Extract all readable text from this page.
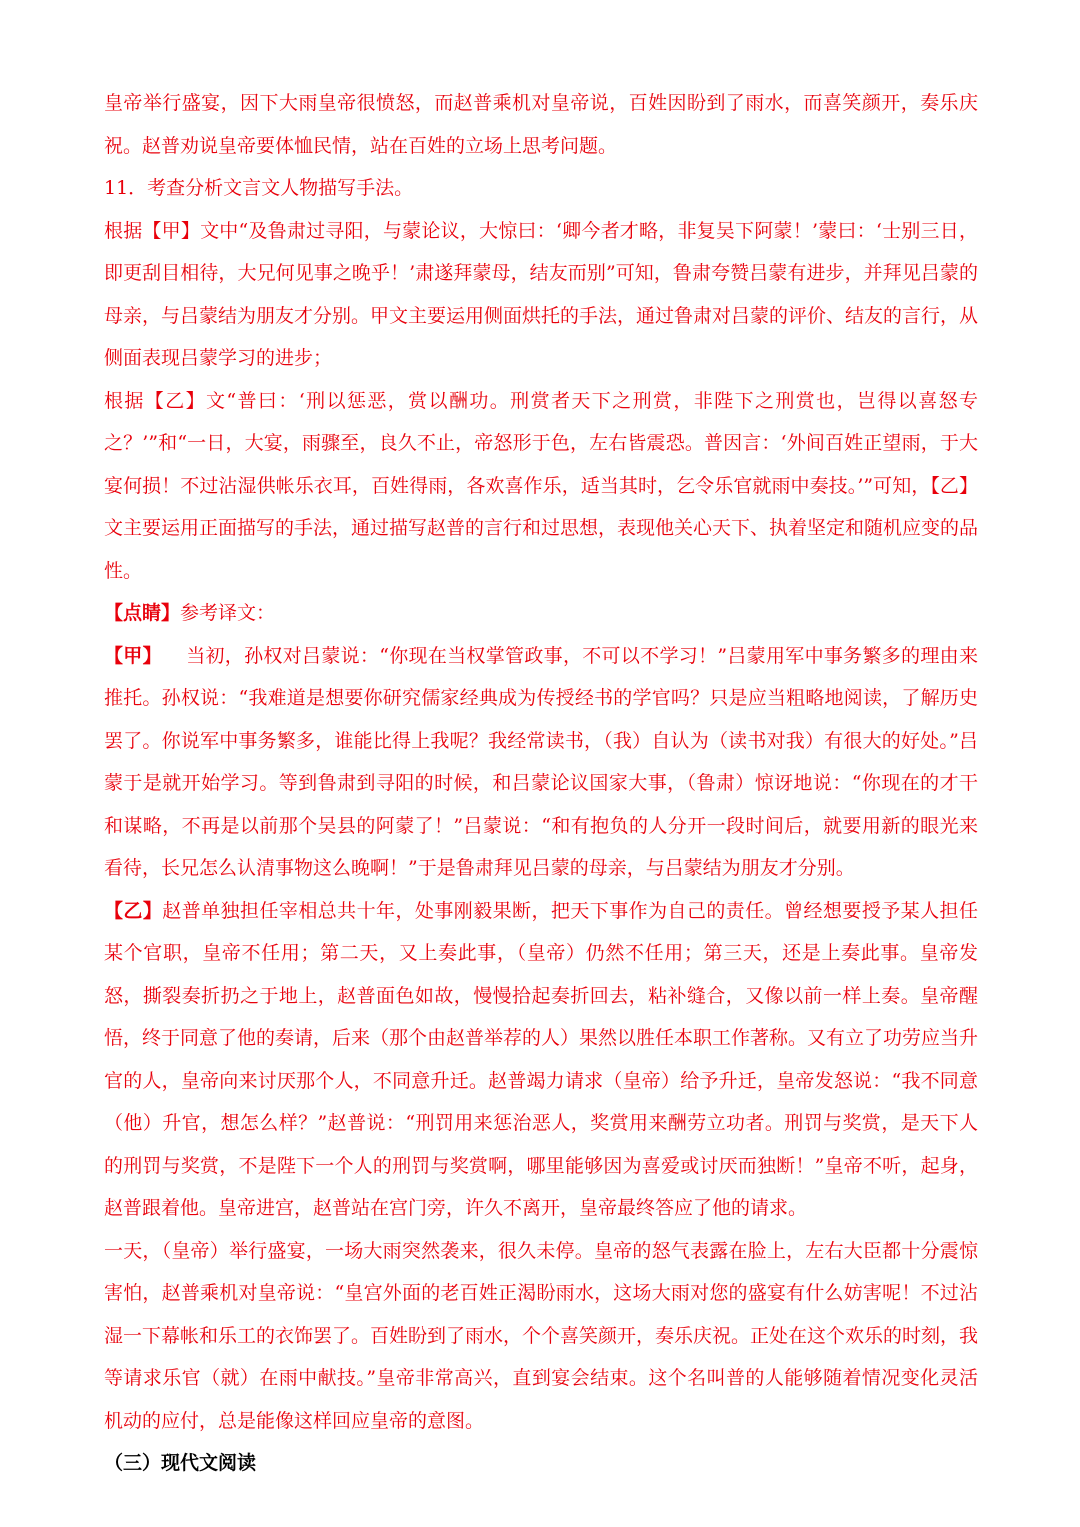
皇帝举行盛宴，因下大雨皇帝很愤怒，而赵普乘机对皇帝说，百姓因盼到了雨水，而喜笑颜开，奏乐庆祝。赵普劝说皇帝要体恤民情，站在百姓的立场上思考问题。

11．考查分析文言文人物描写手法。

根据【甲】文中“及鲁肃过寻阳，与蒙论议，大惊曰：‘卿今者才略，非复吴下阿蒙！’蒙曰：‘士别三日，即更刮目相待，大兄何见事之晚乎！’肃遂拜蒙母，结友而别”可知，鲁肃夸赞吕蒙有进步，并拜见吕蒙的母亲，与吕蒙结为朋友才分别。甲文主要运用侧面烘托的手法，通过鲁肃对吕蒙的评价、结友的言行，从侧面表现吕蒙学习的进步；

根据【乙】文“普曰：‘刑以惩恶，赏以酬功。刑赏者天下之刑赏，非陛下之刑赏也，岂得以喜怒专之？’”和“一日，大宴，雨骤至，良久不止，帝怒形于色，左右皆震恐。普因言：‘外间百姓正望雨，于大宴何损！不过沾湿供帐乐衣耳，百姓得雨，各欢喜作乐，适当其时，乞令乐官就雨中奏技。’”可知，【乙】文主要运用正面描写的手法，通过描写赵普的言行和过思想，表现他关心天下、执着坚定和随机应变的品性。

【点睛】参考译文：

【甲】 当初，孙权对吕蒙说：“你现在当权掌管政事，不可以不学习！”吕蒙用军中事务繁多的理由来推托。孙权说：“我难道是想要你研究儒家经典成为传授经书的学官吗？只是应当粗略地阅读，了解历史罢了。你说军中事务繁多，谁能比得上我呢？我经常读书，（我）自认为（读书对我）有很大的好处。”吕蒙于是就开始学习。等到鲁肃到寻阳的时候，和吕蒙论议国家大事，（鲁肃）惊讶地说：“你现在的才干和谋略，不再是以前那个吴县的阿蒙了！”吕蒙说：“和有抱负的人分开一段时间后，就要用新的眼光来看待，长兄怎么认清事物这么晚啊！”于是鲁肃拜见吕蒙的母亲，与吕蒙结为朋友才分别。

【乙】赵普单独担任宰相总共十年，处事刚毅果断，把天下事作为自己的责任。曾经想要授予某人担任某个官职，皇帝不任用；第二天，又上奏此事，（皇帝）仍然不任用；第三天，还是上奏此事。皇帝发怒，撕裂奏折扔之于地上，赵普面色如故，慢慢拾起奏折回去，粘补缝合，又像以前一样上奏。皇帝醒悟，终于同意了他的奏请，后来（那个由赵普举荐的人）果然以胜任本职工作著称。又有立了功劳应当升官的人，皇帝向来讨厌那个人，不同意升迁。赵普竭力请求（皇帝）给予升迁，皇帝发怒说：“我不同意（他）升官，想怎么样？”赵普说：“刑罚用来惩治恶人，奖赏用来酬劳立功者。刑罚与奖赏，是天下人的刑罚与奖赏，不是陛下一个人的刑罚与奖赏啊，哪里能够因为喜爱或讨厌而独断！”皇帝不听，起身，赵普跟着他。皇帝进宫，赵普站在宫门旁，许久不离开，皇帝最终答应了他的请求。

一天，（皇帝）举行盛宴，一场大雨突然袭来，很久未停。皇帝的怒气表露在脸上，左右大臣都十分震惊害怕，赵普乘机对皇帝说：“皇宫外面的老百姓正渴盼雨水，这场大雨对您的盛宴有什么妨害呢！不过沾湿一下幕帐和乐工的衣饰罢了。百姓盼到了雨水，个个喜笑颜开，奏乐庆祝。正处在这个欢乐的时刻，我等请求乐官（就）在雨中献技。”皇帝非常高兴，直到宴会结束。这个名叫普的人能够随着情况变化灵活机动的应付，总是能像这样回应皇帝的意图。

（三）现代文阅读
